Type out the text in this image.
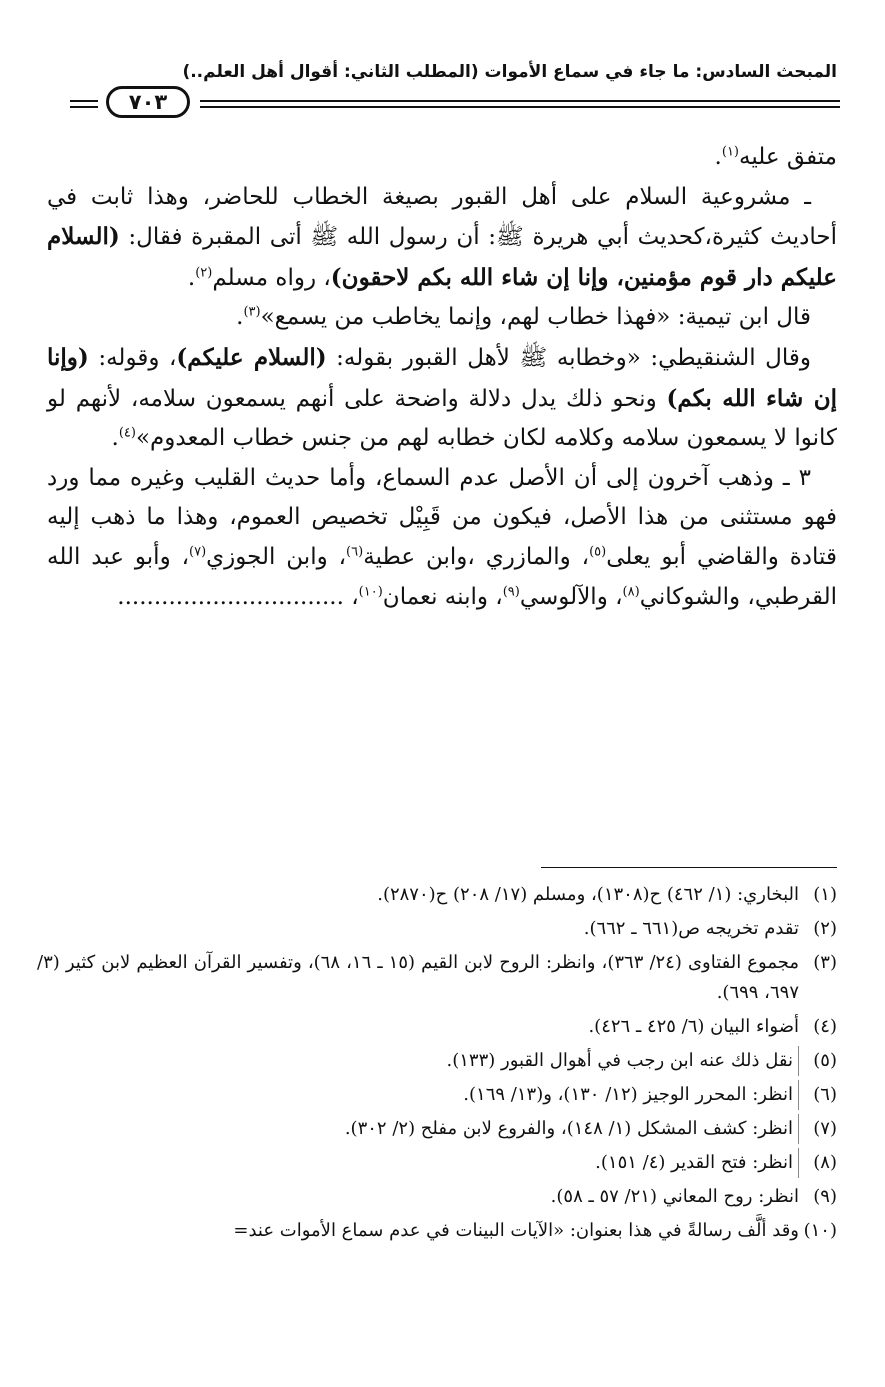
المبحث السادس: ما جاء في سماع الأموات (المطلب الثاني: أقوال أهل العلم..)
٧٠٣

متفق عليه$^{(١)}$.

ـ مشروعية السلام على أهل القبور بصيغة الخطاب للحاضر، وهذا ثابت في أحاديث كثيرة،كحديث أبي هريرة ﷺ: أن رسول الله ﷺ أتى المقبرة فقال: (السلام عليكم دار قوم مؤمنين، وإنا إن شاء الله بكم لاحقون)، رواه مسلم$^{(٢)}$.

قال ابن تيمية: «فهذا خطاب لهم، وإنما يخاطب من يسمع»$^{(٣)}$.

وقال الشنقيطي: «وخطابه ﷺ لأهل القبور بقوله: (السلام عليكم)، وقوله: (وإنا إن شاء الله بكم) ونحو ذلك يدل دلالة واضحة على أنهم يسمعون سلامه، لأنهم لو كانوا لا يسمعون سلامه وكلامه لكان خطابه لهم من جنس خطاب المعدوم»$^{(٤)}$.

٣ ـ وذهب آخرون إلى أن الأصل عدم السماع، وأما حديث القليب وغيره مما ورد فهو مستثنى من هذا الأصل، فيكون من قَبِيْل تخصيص العموم، وهذا ما ذهب إليه قتادة والقاضي أبو يعلى$^{(٥)}$، والمازري ،وابن عطية$^{(٦)}$، وابن الجوزي$^{(٧)}$، وأبو عبد الله القرطبي، والشوكاني$^{(٨)}$، والآلوسي$^{(٩)}$، وابنه نعمان$^{(١٠)}$، ...............................

(١)
البخاري: (١/ ٤٦٢) ح(١٣٠٨)، ومسلم (١٧/ ٢٠٨) ح(٢٨٧٠).
(٢)
تقدم تخريجه ص(٦٦١ ـ ٦٦٢).
(٣)
مجموع الفتاوى (٢٤/ ٣٦٣)، وانظر: الروح لابن القيم (١٥ ـ ١٦، ٦٨)، وتفسير القرآن العظيم لابن كثير (٣/ ٦٩٧، ٦٩٩).
(٤)
أضواء البيان (٦/ ٤٢٥ ـ ٤٢٦).
(٥)
نقل ذلك عنه ابن رجب في أهوال القبور (١٣٣).
(٦)
انظر: المحرر الوجيز (١٢/ ١٣٠)، و(١٣/ ١٦٩).
(٧)
انظر: كشف المشكل (١/ ١٤٨)، والفروع لابن مفلح (٢/ ٣٠٢).
(٨)
انظر: فتح القدير (٤/ ١٥١).
(٩)
انظر: روح المعاني (٢١/ ٥٧ ـ ٥٨).
(١٠)
وقد ألَّف رسالةً في هذا بعنوان: «الآيات البينات في عدم سماع الأموات عند=
